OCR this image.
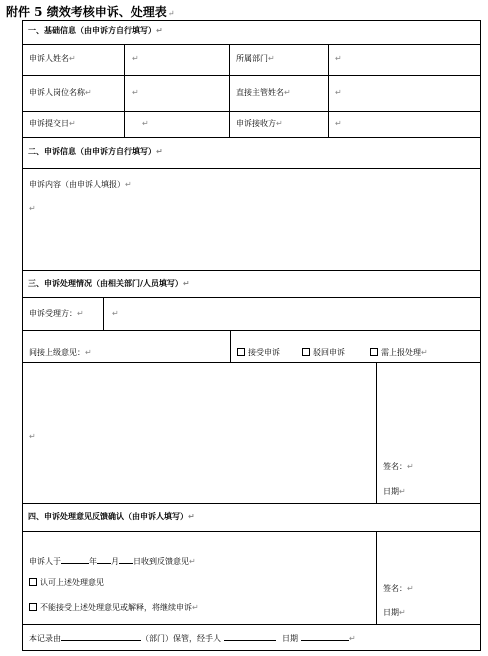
附件 5 绩效考核申诉、处理表↵
一、基础信息（由申诉方自行填写）↵
申诉人姓名↵	↵	所属部门↵	↵
申诉人岗位名称↵	↵	直接主管姓名↵	↵
申诉提交日↵	↵	申诉接收方↵	↵
二、申诉信息（由申诉方自行填写）↵
申诉内容（由申诉人填报）↵
↵
三、申诉处理情况（由相关部门/人员填写）↵
申诉受理方：↵	↵
间接上级意见：↵	接受申诉	驳回申诉	需上报处理↵
↵
签名：↵
日期↵
四、申诉处理意见反馈确认（由申诉人填写）↵
申诉人于	年 月 日收到反馈意见↵
认可上述处理意见
不能接受上述处理意见或解释，将继续申诉↵
签名：↵
日期↵
本记录由	（部门）保管，经手人	日期	↵
